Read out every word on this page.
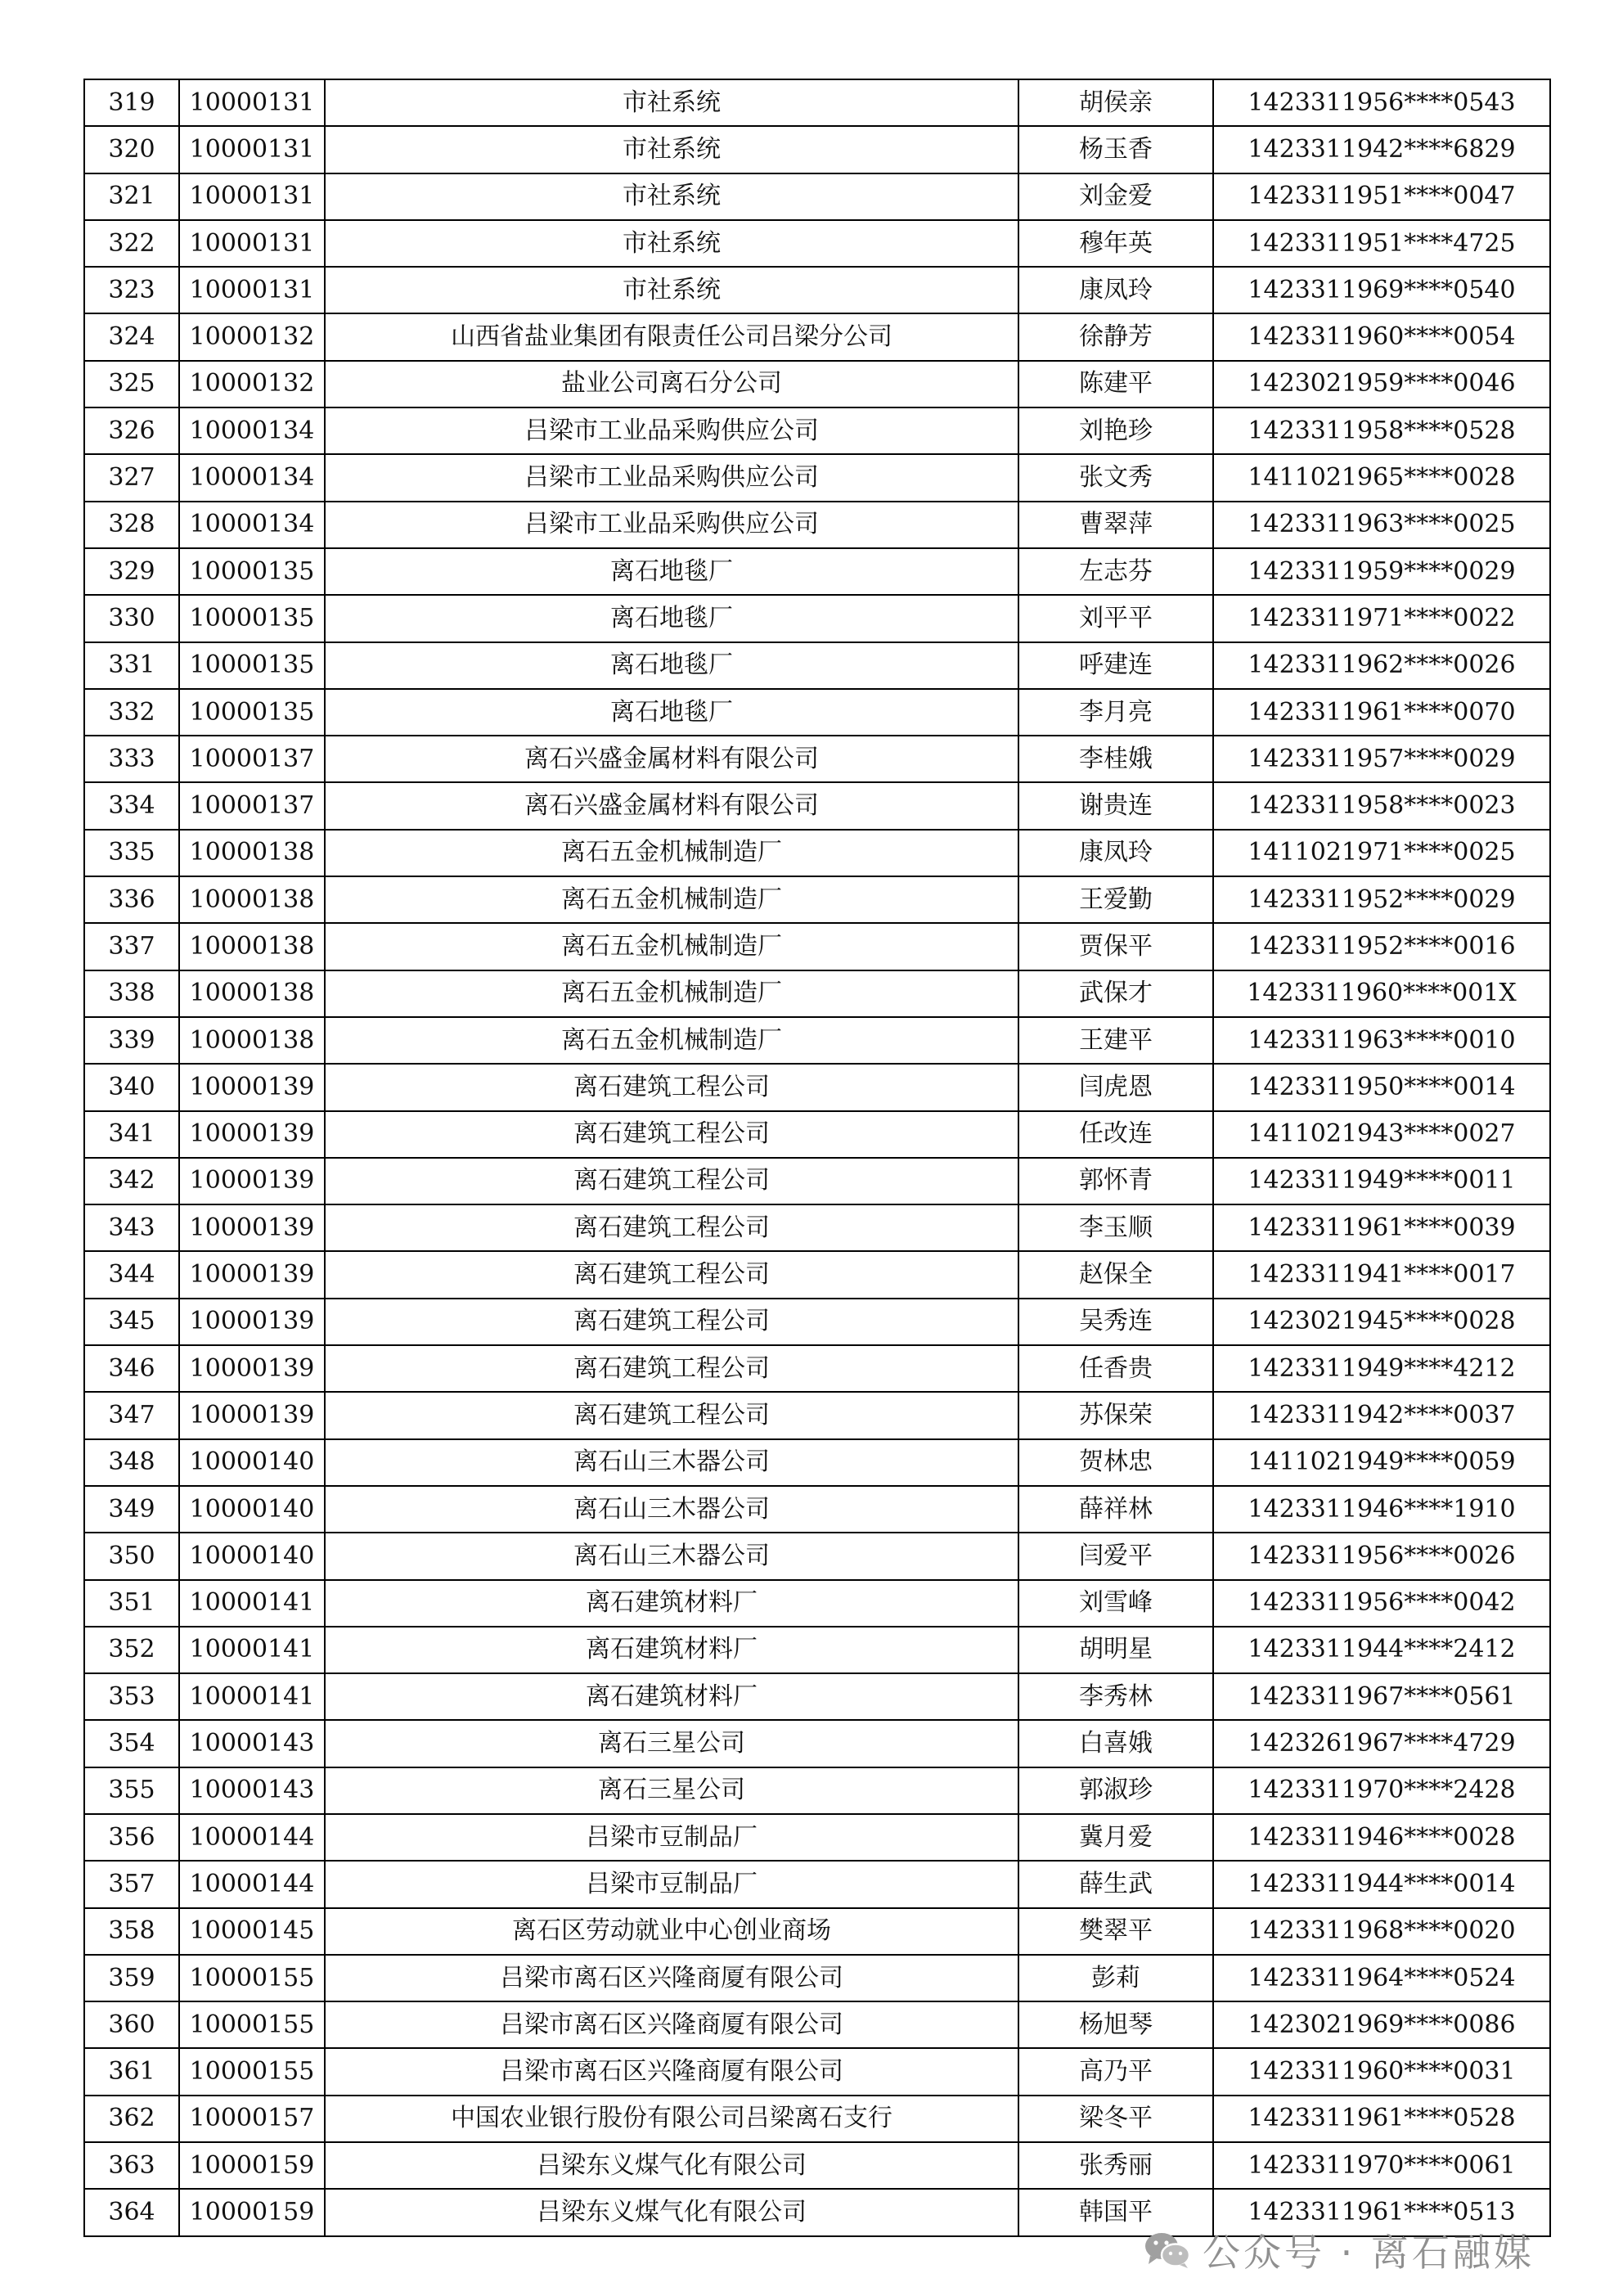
319	10000131	市社系统	胡侯亲	1423311956****0543
320	10000131	市社系统	杨玉香	1423311942****6829
321	10000131	市社系统	刘金爱	1423311951****0047
322	10000131	市社系统	穆年英	1423311951****4725
323	10000131	市社系统	康凤玲	1423311969****0540
324	10000132	山西省盐业集团有限责任公司吕梁分公司	徐静芳	1423311960****0054
325	10000132	盐业公司离石分公司	陈建平	1423021959****0046
326	10000134	吕梁市工业品采购供应公司	刘艳珍	1423311958****0528
327	10000134	吕梁市工业品采购供应公司	张文秀	1411021965****0028
328	10000134	吕梁市工业品采购供应公司	曹翠萍	1423311963****0025
329	10000135	离石地毯厂	左志芬	1423311959****0029
330	10000135	离石地毯厂	刘平平	1423311971****0022
331	10000135	离石地毯厂	呼建连	1423311962****0026
332	10000135	离石地毯厂	李月亮	1423311961****0070
333	10000137	离石兴盛金属材料有限公司	李桂娥	1423311957****0029
334	10000137	离石兴盛金属材料有限公司	谢贵连	1423311958****0023
335	10000138	离石五金机械制造厂	康凤玲	1411021971****0025
336	10000138	离石五金机械制造厂	王爱勤	1423311952****0029
337	10000138	离石五金机械制造厂	贾保平	1423311952****0016
338	10000138	离石五金机械制造厂	武保才	1423311960****001X
339	10000138	离石五金机械制造厂	王建平	1423311963****0010
340	10000139	离石建筑工程公司	闫虎恩	1423311950****0014
341	10000139	离石建筑工程公司	任改连	1411021943****0027
342	10000139	离石建筑工程公司	郭怀青	1423311949****0011
343	10000139	离石建筑工程公司	李玉顺	1423311961****0039
344	10000139	离石建筑工程公司	赵保全	1423311941****0017
345	10000139	离石建筑工程公司	吴秀连	1423021945****0028
346	10000139	离石建筑工程公司	任香贵	1423311949****4212
347	10000139	离石建筑工程公司	苏保荣	1423311942****0037
348	10000140	离石山三木器公司	贺林忠	1411021949****0059
349	10000140	离石山三木器公司	薛祥林	1423311946****1910
350	10000140	离石山三木器公司	闫爱平	1423311956****0026
351	10000141	离石建筑材料厂	刘雪峰	1423311956****0042
352	10000141	离石建筑材料厂	胡明星	1423311944****2412
353	10000141	离石建筑材料厂	李秀林	1423311967****0561
354	10000143	离石三星公司	白喜娥	1423261967****4729
355	10000143	离石三星公司	郭淑珍	1423311970****2428
356	10000144	吕梁市豆制品厂	冀月爱	1423311946****0028
357	10000144	吕梁市豆制品厂	薛生武	1423311944****0014
358	10000145	离石区劳动就业中心创业商场	樊翠平	1423311968****0020
359	10000155	吕梁市离石区兴隆商厦有限公司	彭莉	1423311964****0524
360	10000155	吕梁市离石区兴隆商厦有限公司	杨旭琴	1423021969****0086
361	10000155	吕梁市离石区兴隆商厦有限公司	高乃平	1423311960****0031
362	10000157	中国农业银行股份有限公司吕梁离石支行	梁冬平	1423311961****0528
363	10000159	吕梁东义煤气化有限公司	张秀丽	1423311970****0061
364	10000159	吕梁东义煤气化有限公司	韩国平	1423311961****0513
公众号 · 离石融媒
